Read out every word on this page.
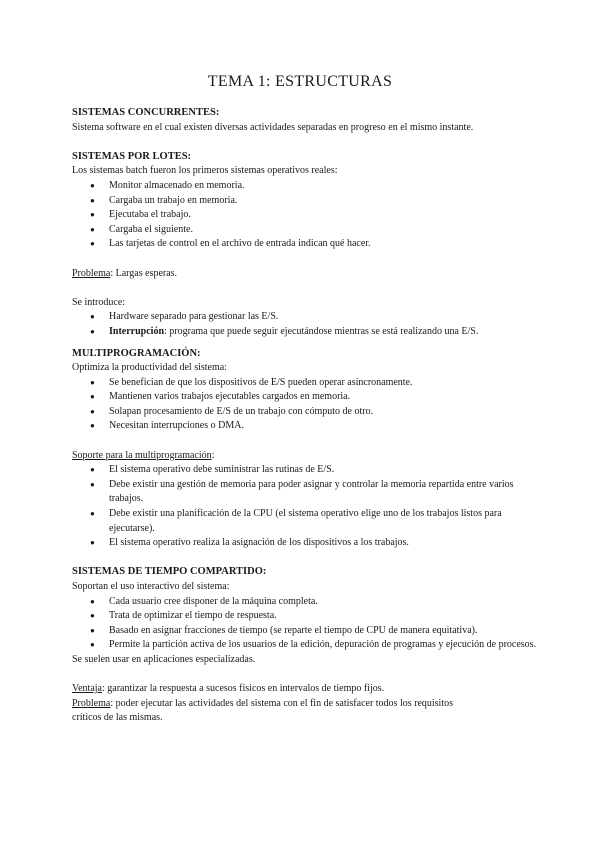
TEMA 1: ESTRUCTURAS
SISTEMAS CONCURRENTES:
Sistema software en el cual existen diversas actividades separadas en progreso en el mismo instante.
SISTEMAS POR LOTES:
Los sistemas batch fueron los primeros sistemas operativos reales:
● Monitor almacenado en memoria.
● Cargaba un trabajo en memoria.
● Ejecutaba el trabajo.
● Cargaba el siguiente.
● Las tarjetas de control en el archivo de entrada indican qué hacer.
Problema: Largas esperas.
Se introduce:
● Hardware separado para gestionar las E/S.
● Interrupción: programa que puede seguir ejecutándose mientras se está realizando una E/S.
MULTIPROGRAMACIÓN:
Optimiza la productividad del sistema:
● Se benefician de que los dispositivos de E/S pueden operar asíncronamente.
● Mantienen varios trabajos ejecutables cargados en memoria.
● Solapan procesamiento de E/S de un trabajo con cómputo de otro.
● Necesitan interrupciones o DMA.
Soporte para la multiprogramación:
● El sistema operativo debe suministrar las rutinas de E/S.
● Debe existir una gestión de memoria para poder asignar y controlar la memoria repartida entre varios trabajos.
● Debe existir una planificación de la CPU (el sistema operativo elige uno de los trabajos listos para ejecutarse).
● El sistema operativo realiza la asignación de los dispositivos a los trabajos.
SISTEMAS DE TIEMPO COMPARTIDO:
Soportan el uso interactivo del sistema:
● Cada usuario cree disponer de la máquina completa.
● Trata de optimizar el tiempo de respuesta.
● Basado en asignar fracciones de tiempo (se reparte el tiempo de CPU de manera equitativa).
● Permite la partición activa de los usuarios de la edición, depuración de programas y ejecución de procesos.
Se suelen usar en aplicaciones especializadas.
Ventaja: garantizar la respuesta a sucesos físicos en intervalos de tiempo fijos.
Problema: poder ejecutar las actividades del sistema con el fin de satisfacer todos los requisitos críticos de las mismas.
